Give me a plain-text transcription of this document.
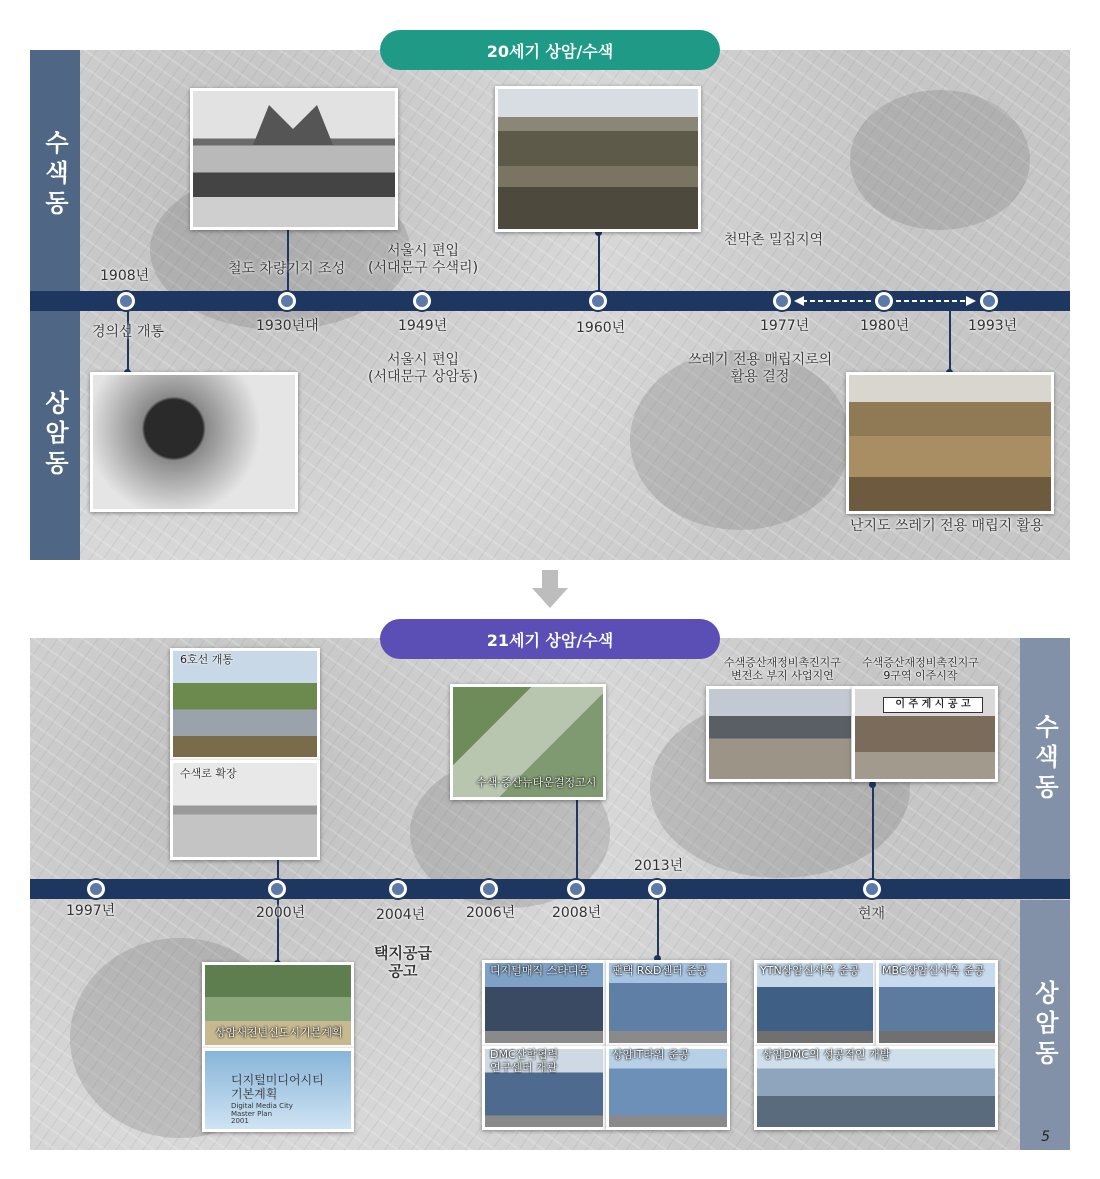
수색동
상암동
20세기 상암/수색
1908년
1930년대	1949년	1960년	1977년	1980년	1993년
경의선 개통
철도 차량기지 조성
서울시 편입
(서대문구 수색리)
서울시 편입
(서대문구 상암동)
천막촌 밀집지역
쓰레기 전용 매립지로의
활용 결정
난지도 쓰레기 전용 매립지 활용
수색동
상암동
21세기 상암/수색
1997년	2000년	2004년	2006년	2008년
2013년
현재
택지공급
공고
6호선 개통
수색로 확장
수색·증산뉴타운결정고시
수색증산재정비촉진지구
변전소 부지 사업지연
이 주 게 시 공 고
수색증산재정비촉진지구
9구역 이주시작
상암새천년신도시기본계획
디지털미디어시티
기본계획
Digital Media City
Master Plan
2001
디지털매직 스타디움 팬택 R&D센터 준공
DMC산학협력
연구센터 개관
상암IT타워 준공
YTN상암신사옥 준공 MBC상암신사옥 준공
상암DMC의 성공적인 개발
5
